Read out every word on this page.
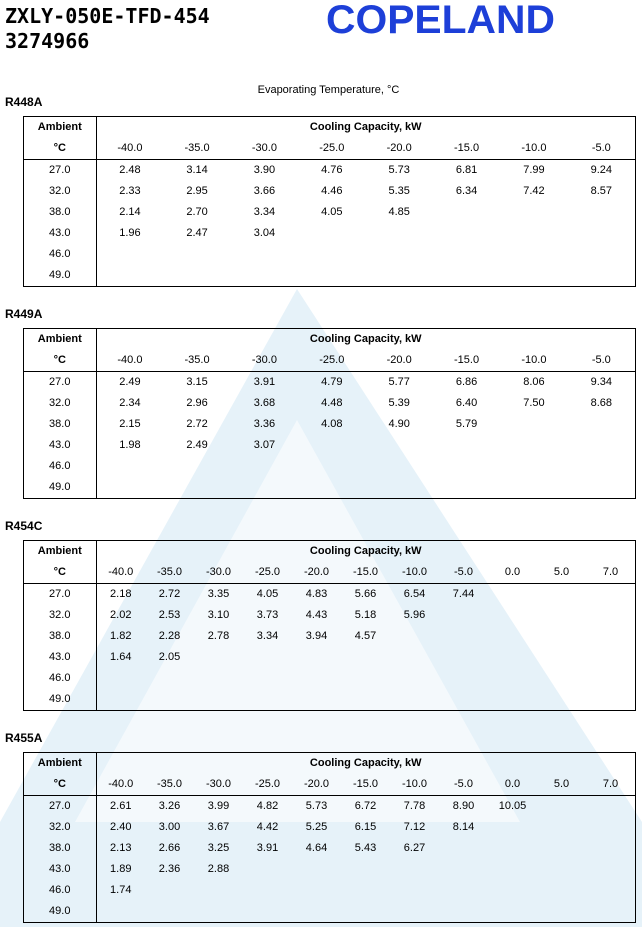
ZXLY-050E-TFD-454
3274966	COPELAND
Evaporating Temperature, °C
R448A
Ambient	Cooling Capacity, kW							
°C	-40.0	-35.0	-30.0	-25.0	-20.0	-15.0	-10.0	-5.0
27.0	2.48	3.14	3.90	4.76	5.73	6.81	7.99	9.24
32.0	2.33	2.95	3.66	4.46	5.35	6.34	7.42	8.57
38.0	2.14	2.70	3.34	4.05	4.85			
43.0	1.96	2.47	3.04					
46.0								
49.0								
R449A
Ambient	Cooling Capacity, kW							
°C	-40.0	-35.0	-30.0	-25.0	-20.0	-15.0	-10.0	-5.0
27.0	2.49	3.15	3.91	4.79	5.77	6.86	8.06	9.34
32.0	2.34	2.96	3.68	4.48	5.39	6.40	7.50	8.68
38.0	2.15	2.72	3.36	4.08	4.90	5.79		
43.0	1.98	2.49	3.07					
46.0								
49.0								
R454C
Ambient	Cooling Capacity, kW										
°C	-40.0	-35.0	-30.0	-25.0	-20.0	-15.0	-10.0	-5.0	0.0	5.0	7.0
27.0	2.18	2.72	3.35	4.05	4.83	5.66	6.54	7.44			
32.0	2.02	2.53	3.10	3.73	4.43	5.18	5.96				
38.0	1.82	2.28	2.78	3.34	3.94	4.57					
43.0	1.64	2.05									
46.0											
49.0											
R455A
Ambient	Cooling Capacity, kW										
°C	-40.0	-35.0	-30.0	-25.0	-20.0	-15.0	-10.0	-5.0	0.0	5.0	7.0
27.0	2.61	3.26	3.99	4.82	5.73	6.72	7.78	8.90	10.05		
32.0	2.40	3.00	3.67	4.42	5.25	6.15	7.12	8.14			
38.0	2.13	2.66	3.25	3.91	4.64	5.43	6.27				
43.0	1.89	2.36	2.88								
46.0	1.74										
49.0											
